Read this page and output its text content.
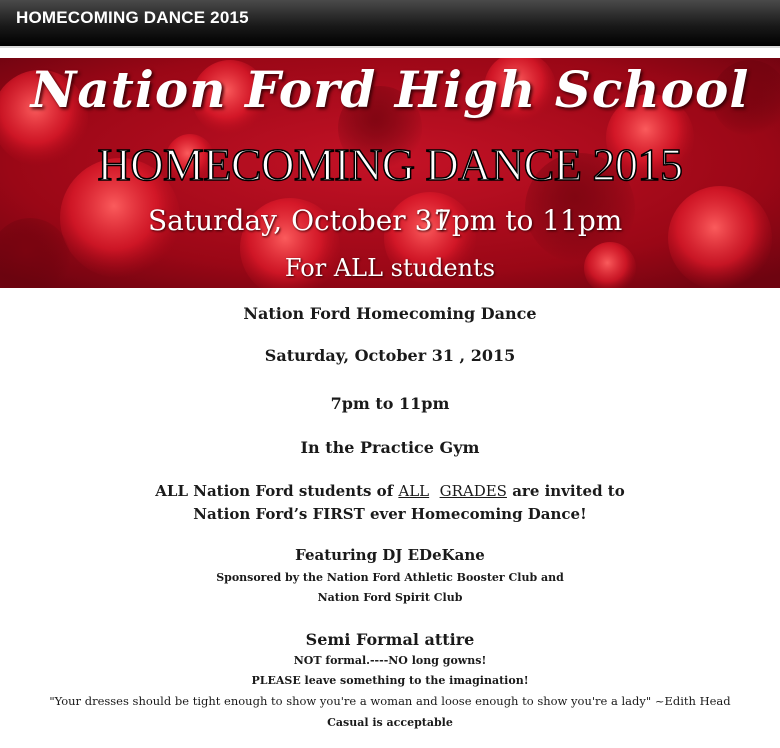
HOMECOMING DANCE 2015
Nation Ford High School
HOMECOMING DANCE 2015
Saturday, October 31
7pm to 11pm
For ALL students
Nation Ford Homecoming Dance
Saturday, October 31 , 2015
7pm to 11pm
In the Practice Gym
ALL Nation Ford students of ALL GRADES are invited to
Nation Ford’s FIRST ever Homecoming Dance!
Featuring DJ EDeKane
Sponsored by the Nation Ford Athletic Booster Club and
Nation Ford Spirit Club
Semi Formal attire
NOT formal.----NO long gowns!
PLEASE leave something to the imagination!
"Your dresses should be tight enough to show you're a woman and loose enough to show you're a lady" ~Edith Head
Casual is acceptable
